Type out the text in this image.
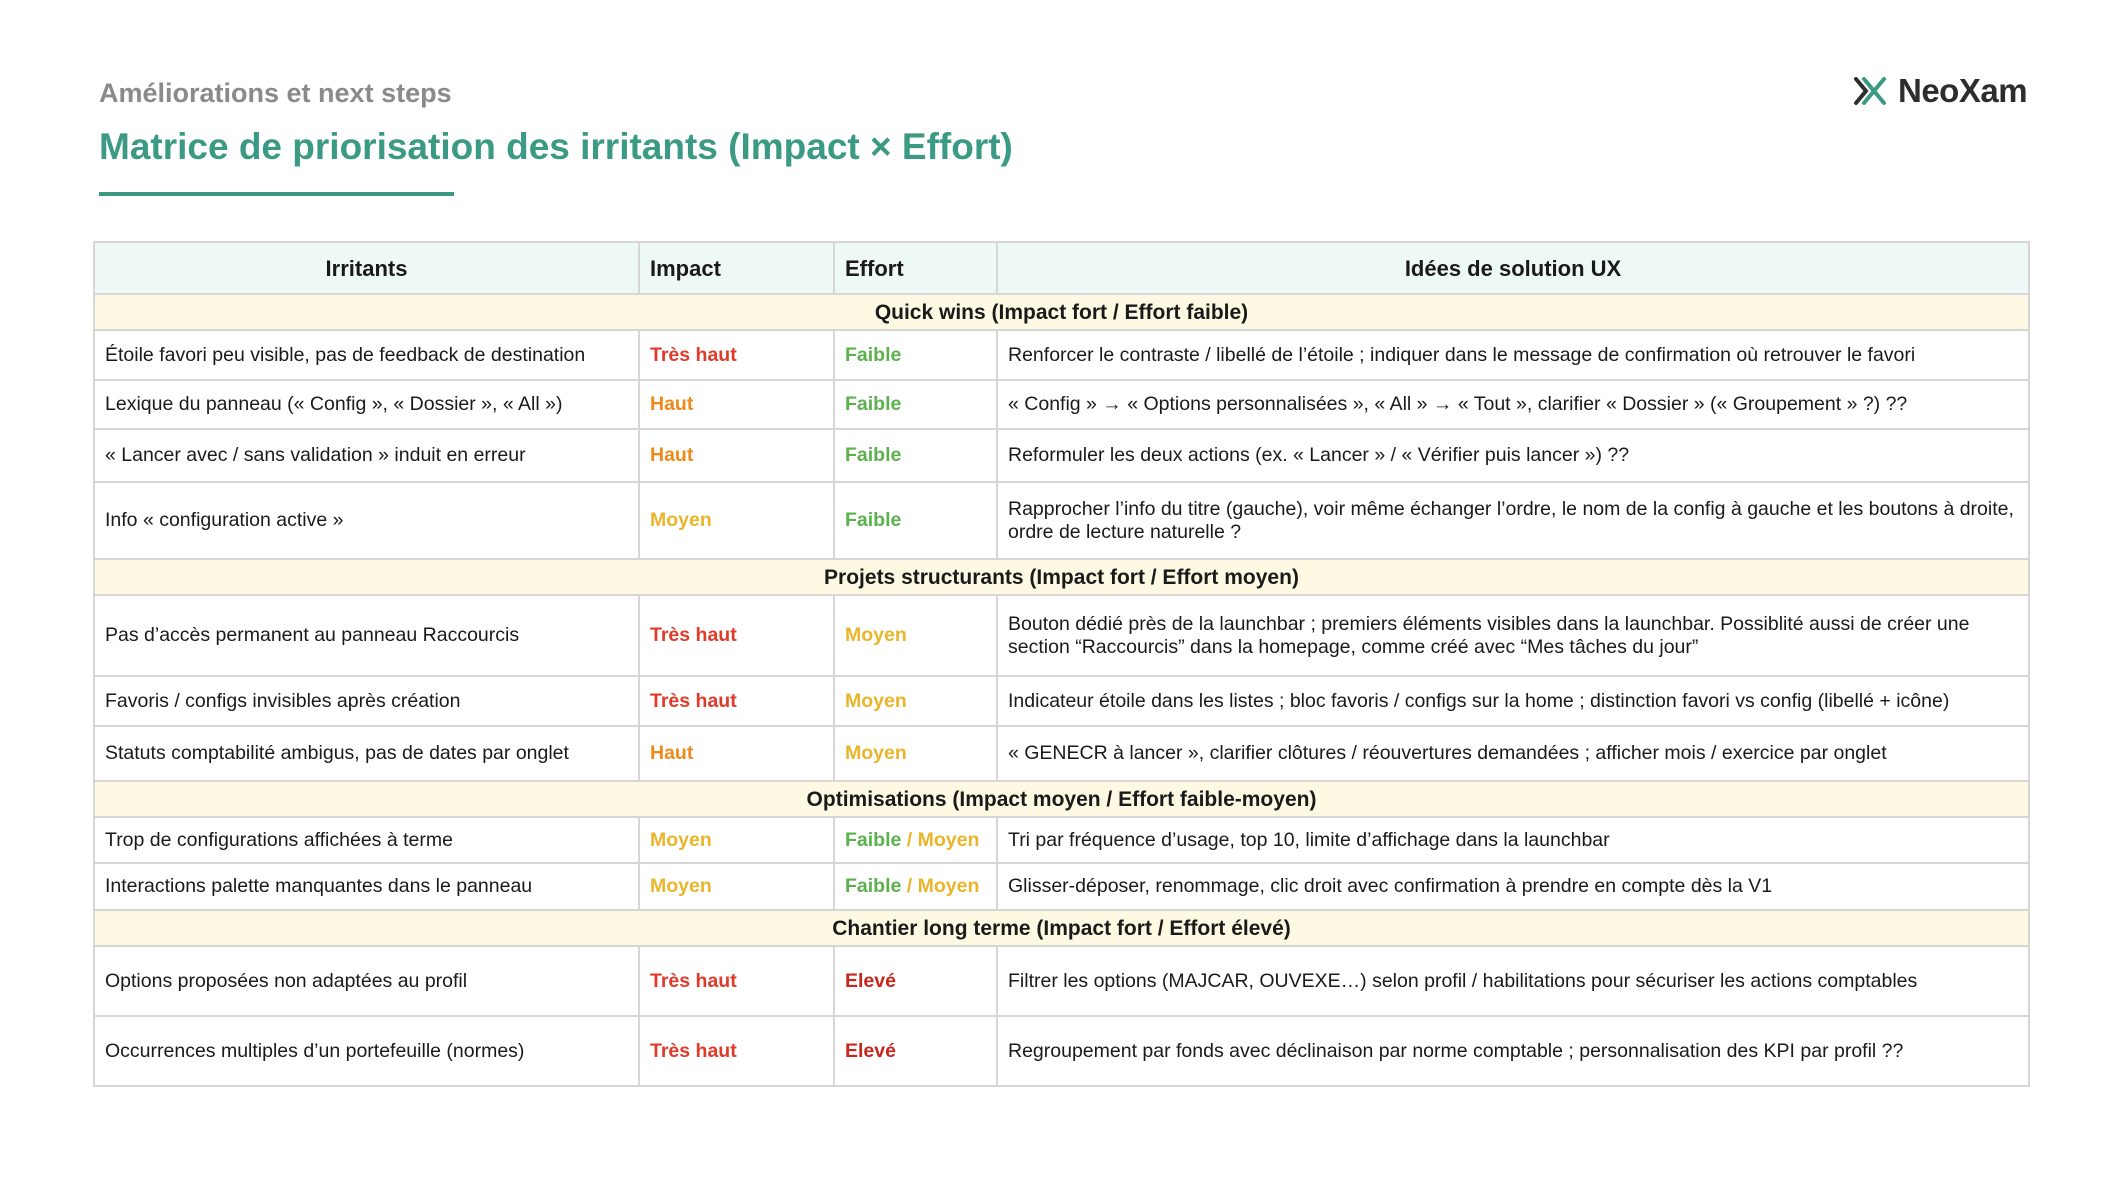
Améliorations et next steps
Matrice de priorisation des irritants (Impact × Effort)
NeoXam
Irritants	Impact	Effort	Idées de solution UX
Quick wins (Impact fort / Effort faible)			
Étoile favori peu visible, pas de feedback de destination	Très haut	Faible	Renforcer le contraste / libellé de l’étoile ; indiquer dans le message de confirmation où retrouver le favori
Lexique du panneau (« Config », « Dossier », « All »)	Haut	Faible	« Config » → « Options personnalisées », « All » → « Tout », clarifier « Dossier » (« Groupement » ?) ??
« Lancer avec / sans validation » induit en erreur	Haut	Faible	Reformuler les deux actions (ex. « Lancer » / « Vérifier puis lancer ») ??
Info « configuration active »	Moyen	Faible	Rapprocher l’info du titre (gauche), voir même échanger l’ordre, le nom de la config à gauche et les boutons à droite, ordre de lecture naturelle ?
Projets structurants (Impact fort / Effort moyen)			
Pas d’accès permanent au panneau Raccourcis	Très haut	Moyen	Bouton dédié près de la launchbar ; premiers éléments visibles dans la launchbar. Possiblité aussi de créer une section “Raccourcis” dans la homepage, comme créé avec “Mes tâches du jour”
Favoris / configs invisibles après création	Très haut	Moyen	Indicateur étoile dans les listes ; bloc favoris / configs sur la home ; distinction favori vs config (libellé + icône)
Statuts comptabilité ambigus, pas de dates par onglet	Haut	Moyen	« GENECR à lancer », clarifier clôtures / réouvertures demandées ; afficher mois / exercice par onglet
Optimisations (Impact moyen / Effort faible-moyen)			
Trop de configurations affichées à terme	Moyen	Faible / Moyen	Tri par fréquence d’usage, top 10, limite d’affichage dans la launchbar
Interactions palette manquantes dans le panneau	Moyen	Faible / Moyen	Glisser-déposer, renommage, clic droit avec confirmation à prendre en compte dès la V1
Chantier long terme (Impact fort / Effort élevé)			
Options proposées non adaptées au profil	Très haut	Elevé	Filtrer les options (MAJCAR, OUVEXE…) selon profil / habilitations pour sécuriser les actions comptables
Occurrences multiples d’un portefeuille (normes)	Très haut	Elevé	Regroupement par fonds avec déclinaison par norme comptable ; personnalisation des KPI par profil ??
